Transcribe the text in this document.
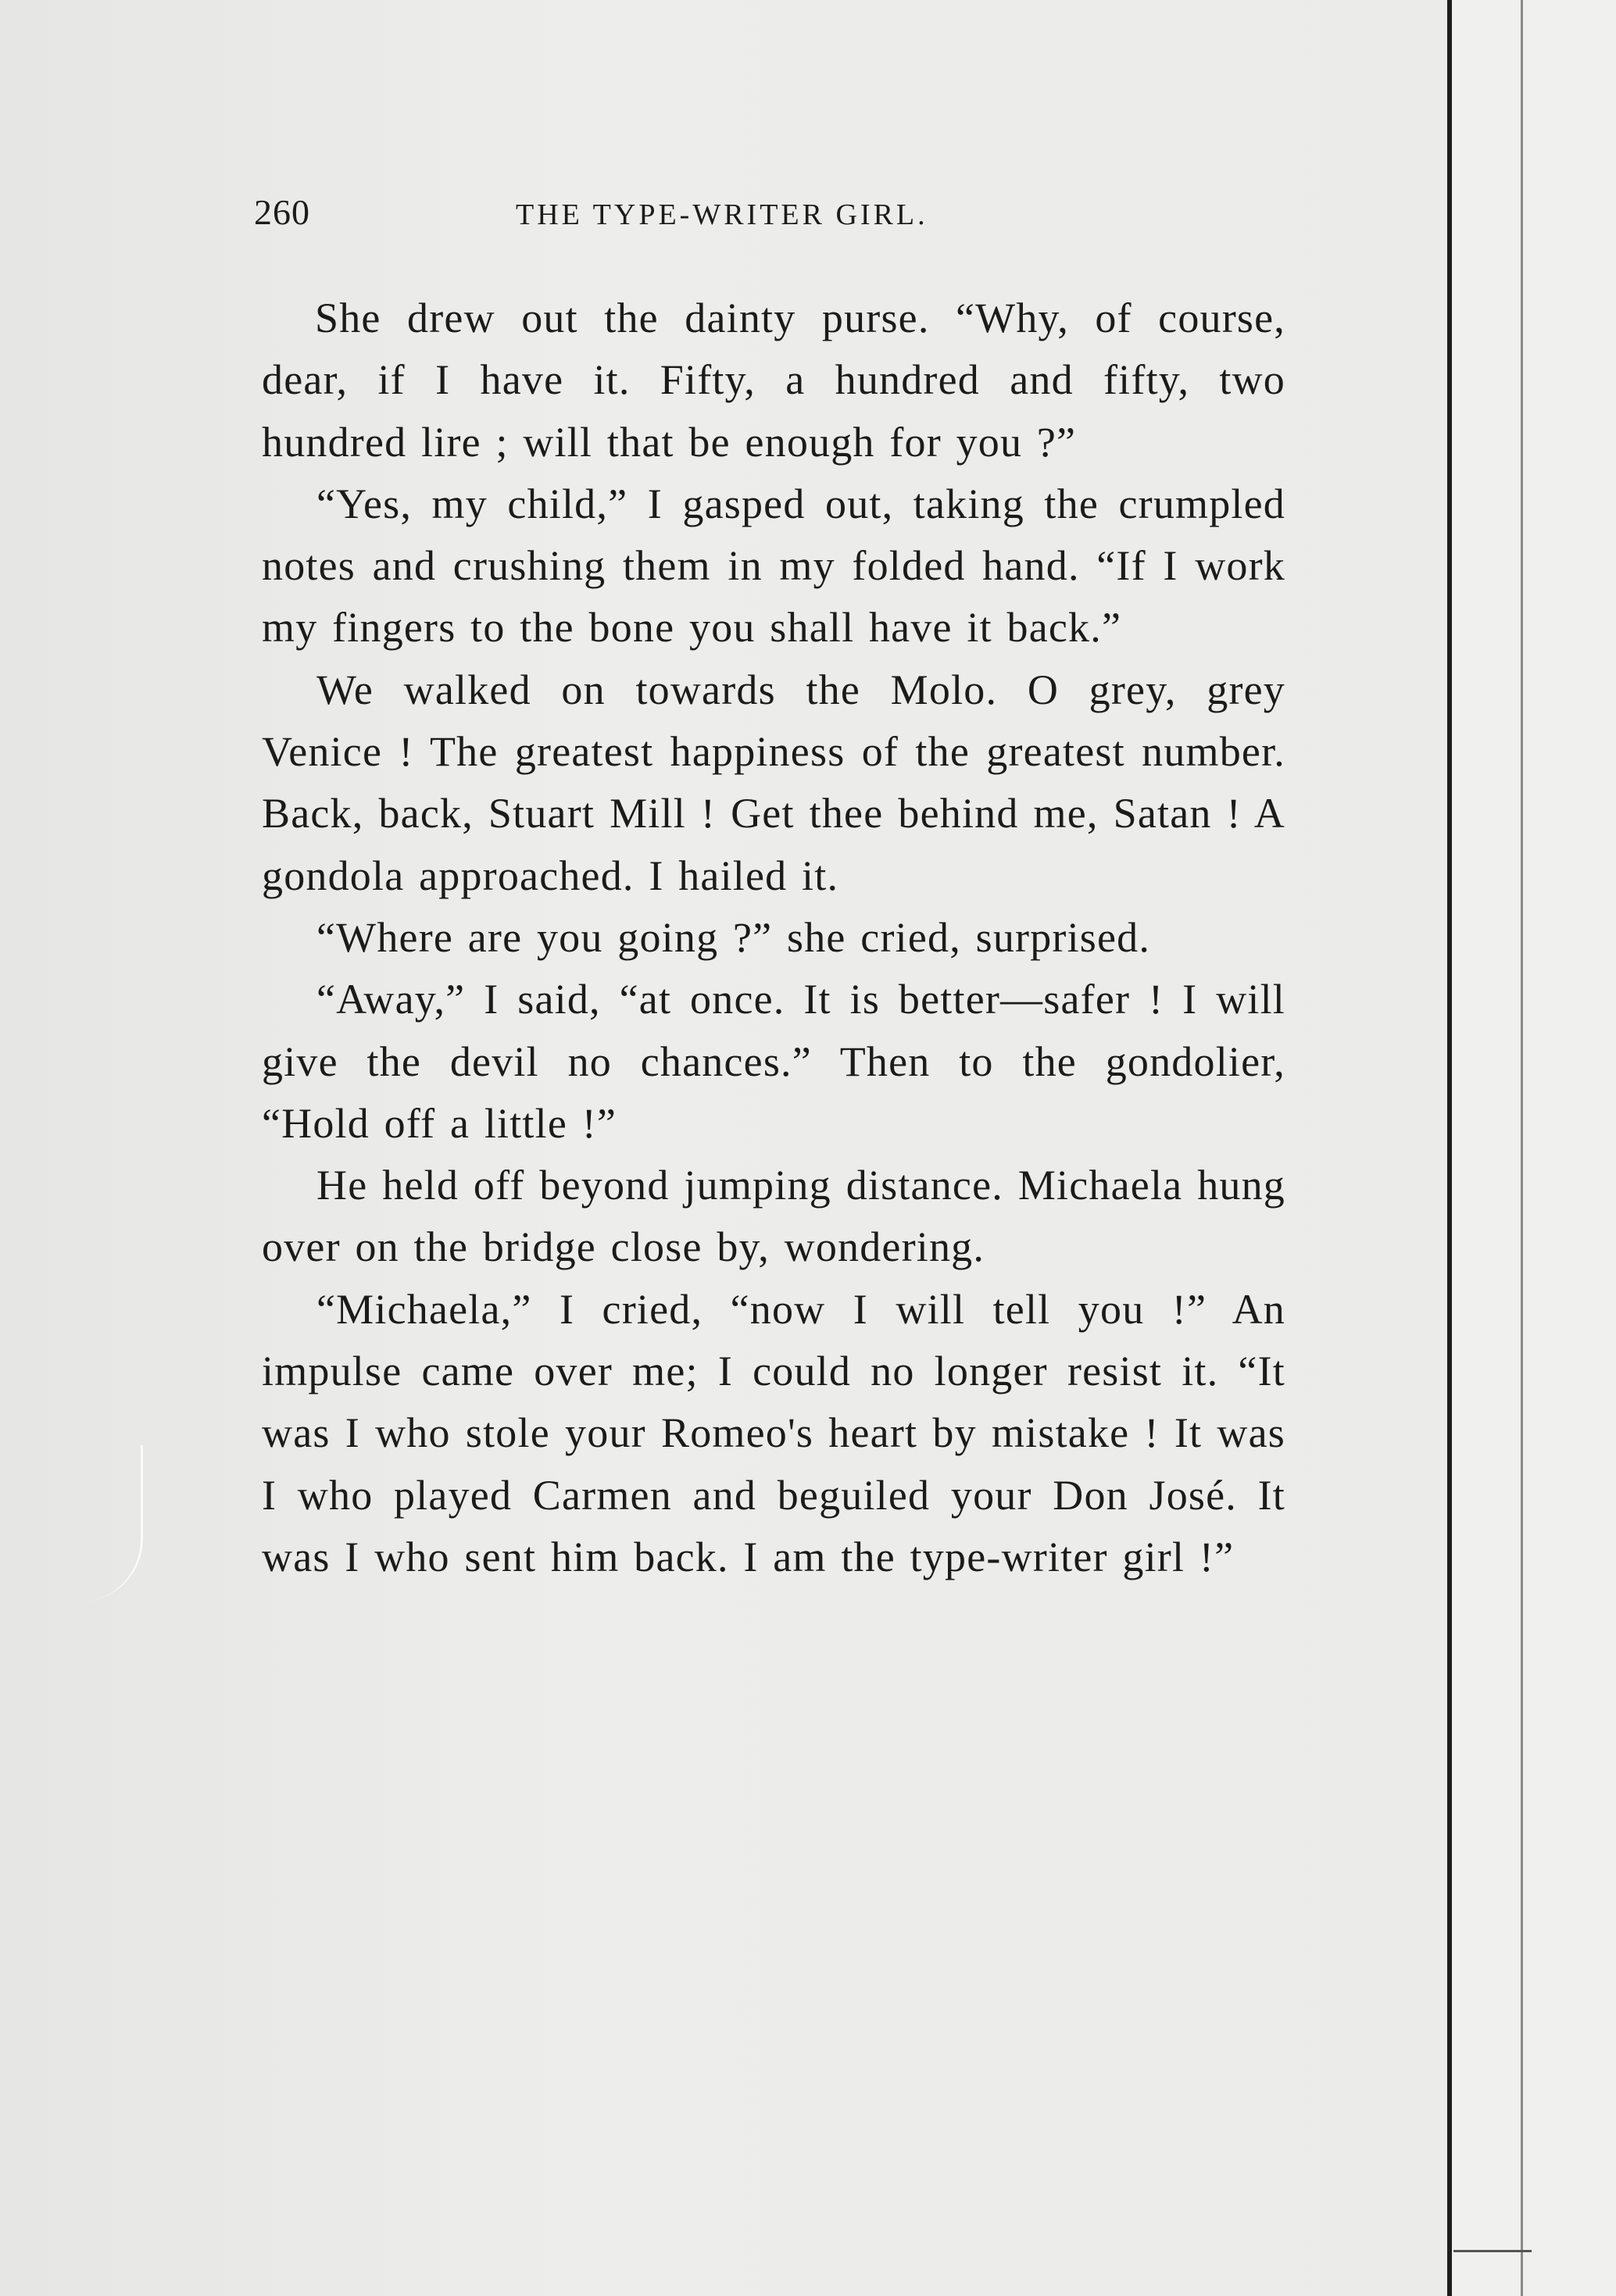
260	THE TYPE-WRITER GIRL.

She drew out the dainty purse. “Why, of course, dear, if I have it. Fifty, a hundred and fifty, two hundred lire ; will that be enough for you ?”

“Yes, my child,” I gasped out, taking the crumpled notes and crushing them in my folded hand. “If I work my fingers to the bone you shall have it back.”

We walked on towards the Molo. O grey, grey Venice ! The greatest happiness of the greatest number. Back, back, Stuart Mill ! Get thee behind me, Satan ! A gondola approached. I hailed it.

“Where are you going ?” she cried, surprised.

“Away,” I said, “at once. It is better—safer ! I will give the devil no chances.” Then to the gondolier, “Hold off a little !”

He held off beyond jumping distance. Michaela hung over on the bridge close by, wondering.

“Michaela,” I cried, “now I will tell you !” An impulse came over me; I could no longer resist it. “It was I who stole your Romeo's heart by mistake ! It was I who played Carmen and beguiled your Don José. It was I who sent him back. I am the type-writer girl !”
